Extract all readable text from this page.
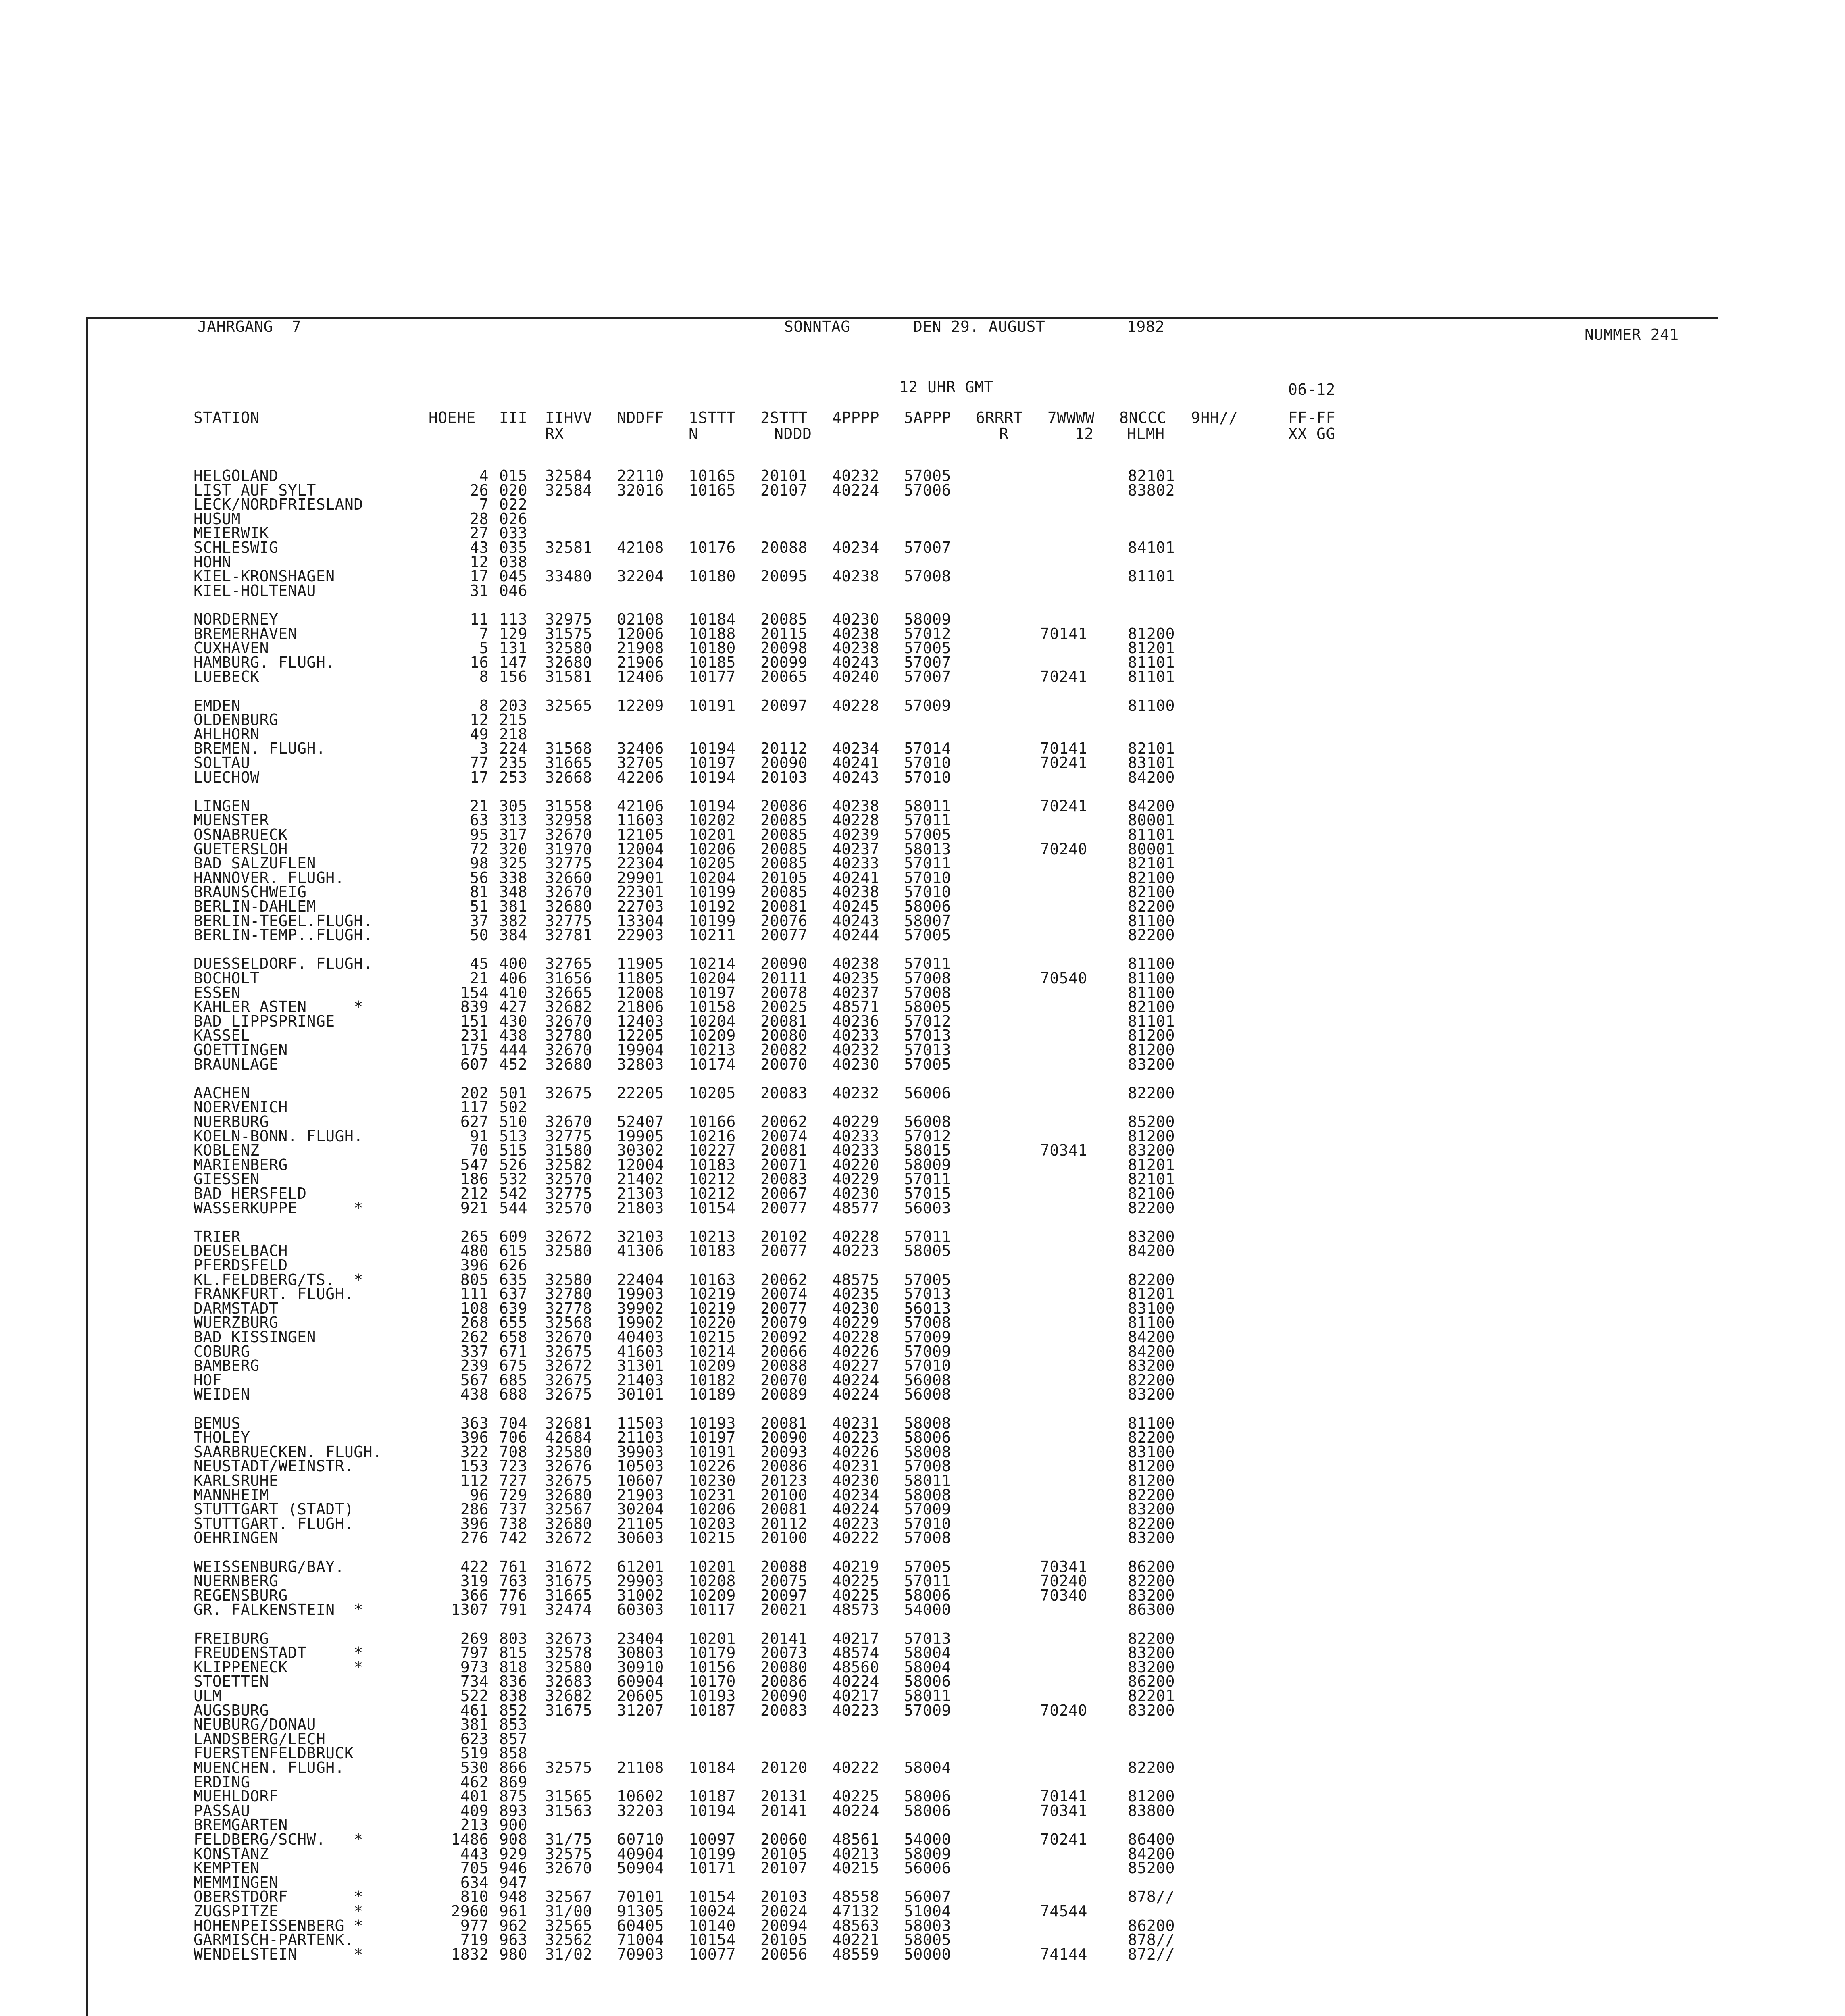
JAHRGANG  7	SONNTAG	DEN 29. AUGUST	1982	NUMMER 241
12 UHR GMT	06-12
STATION	HOEHE III IIHVV NDDFF 1STTT 2STTT 4PPPP 5APPP 6RRRT 7WWWW 8NCCC 9HH//	FF-FF
RX	N	NDDD	R	12 HLMH	XX GG
HELGOLAND	4 015 32584 22110 10165 20101 40232 57005	82101
LIST AUF SYLT	26 020 32584 32016 10165 20107 40224 57006	83802
LECK/NORDFRIESLAND	7 022
HUSUM	28 026
MEIERWIK	27 033
SCHLESWIG	43 035 32581 42108 10176 20088 40234 57007	84101
HOHN	12 038
KIEL-KRONSHAGEN	17 045 33480 32204 10180 20095 40238 57008	81101
KIEL-HOLTENAU	31 046
NORDERNEY	11 113 32975 02108 10184 20085 40230 58009
BREMERHAVEN	7 129 31575 12006 10188 20115 40238 57012	70141	81200
CUXHAVEN	5 131 32580 21908 10180 20098 40238 57005	81201
HAMBURG. FLUGH.	16 147 32680 21906 10185 20099 40243 57007	81101
LUEBECK	8 156 31581 12406 10177 20065 40240 57007	70241	81101
EMDEN	8 203 32565 12209 10191 20097 40228 57009	81100
OLDENBURG	12 215
AHLHORN	49 218
BREMEN. FLUGH.	3 224 31568 32406 10194 20112 40234 57014	70141	82101
SOLTAU	77 235 31665 32705 10197 20090 40241 57010	70241	83101
LUECHOW	17 253 32668 42206 10194 20103 40243 57010	84200
LINGEN	21 305 31558 42106 10194 20086 40238 58011	70241	84200
MUENSTER	63 313 32958 11603 10202 20085 40228 57011	80001
OSNABRUECK	95 317 32670 12105 10201 20085 40239 57005	81101
GUETERSLOH	72 320 31970 12004 10206 20085 40237 58013	70240	80001
BAD SALZUFLEN	98 325 32775 22304 10205 20085 40233 57011	82101
HANNOVER. FLUGH.	56 338 32660 29901 10204 20105 40241 57010	82100
BRAUNSCHWEIG	81 348 32670 22301 10199 20085 40238 57010	82100
BERLIN-DAHLEM	51 381 32680 22703 10192 20081 40245 58006	82200
BERLIN-TEGEL.FLUGH.	37 382 32775 13304 10199 20076 40243 58007	81100
BERLIN-TEMP..FLUGH.	50 384 32781 22903 10211 20077 40244 57005	82200
DUESSELDORF. FLUGH.	45 400 32765 11905 10214 20090 40238 57011	81100
BOCHOLT	21 406 31656 11805 10204 20111 40235 57008	70540	81100
ESSEN	154 410 32665 12008 10197 20078 40237 57008	81100
KAHLER ASTEN     *	839 427 32682 21806 10158 20025 48571 58005	82100
BAD LIPPSPRINGE	151 430 32670 12403 10204 20081 40236 57012	81101
KASSEL	231 438 32780 12205 10209 20080 40233 57013	81200
GOETTINGEN	175 444 32670 19904 10213 20082 40232 57013	81200
BRAUNLAGE	607 452 32680 32803 10174 20070 40230 57005	83200
AACHEN	202 501 32675 22205 10205 20083 40232 56006	82200
NOERVENICH	117 502
NUERBURG	627 510 32670 52407 10166 20062 40229 56008	85200
KOELN-BONN. FLUGH.	91 513 32775 19905 10216 20074 40233 57012	81200
KOBLENZ	70 515 31580 30302 10227 20081 40233 58015	70341	83200
MARIENBERG	547 526 32582 12004 10183 20071 40220 58009	81201
GIESSEN	186 532 32570 21402 10212 20083 40229 57011	82101
BAD HERSFELD	212 542 32775 21303 10212 20067 40230 57015	82100
WASSERKUPPE      *	921 544 32570 21803 10154 20077 48577 56003	82200
TRIER	265 609 32672 32103 10213 20102 40228 57011	83200
DEUSELBACH	480 615 32580 41306 10183 20077 40223 58005	84200
PFERDSFELD	396 626
KL.FELDBERG/TS.  *	805 635 32580 22404 10163 20062 48575 57005	82200
FRANKFURT. FLUGH.	111 637 32780 19903 10219 20074 40235 57013	81201
DARMSTADT	108 639 32778 39902 10219 20077 40230 56013	83100
WUERZBURG	268 655 32568 19902 10220 20079 40229 57008	81100
BAD KISSINGEN	262 658 32670 40403 10215 20092 40228 57009	84200
COBURG	337 671 32675 41603 10214 20066 40226 57009	84200
BAMBERG	239 675 32672 31301 10209 20088 40227 57010	83200
HOF	567 685 32675 21403 10182 20070 40224 56008	82200
WEIDEN	438 688 32675 30101 10189 20089 40224 56008	83200
BEMUS	363 704 32681 11503 10193 20081 40231 58008	81100
THOLEY	396 706 42684 21103 10197 20090 40223 58006	82200
SAARBRUECKEN. FLUGH.	322 708 32580 39903 10191 20093 40226 58008	83100
NEUSTADT/WEINSTR.	153 723 32676 10503 10226 20086 40231 57008	81200
KARLSRUHE	112 727 32675 10607 10230 20123 40230 58011	81200
MANNHEIM	96 729 32680 21903 10231 20100 40234 58008	82200
STUTTGART (STADT)	286 737 32567 30204 10206 20081 40224 57009	83200
STUTTGART. FLUGH.	396 738 32680 21105 10203 20112 40223 57010	82200
OEHRINGEN	276 742 32672 30603 10215 20100 40222 57008	83200
WEISSENBURG/BAY.	422 761 31672 61201 10201 20088 40219 57005	70341	86200
NUERNBERG	319 763 31675 29903 10208 20075 40225 57011	70240	82200
REGENSBURG	366 776 31665 31002 10209 20097 40225 58006	70340	83200
GR. FALKENSTEIN  *	1307 791 32474 60303 10117 20021 48573 54000	86300
FREIBURG	269 803 32673 23404 10201 20141 40217 57013	82200
FREUDENSTADT     *	797 815 32578 30803 10179 20073 48574 58004	83200
KLIPPENECK       *	973 818 32580 30910 10156 20080 48560 58004	83200
STOETTEN	734 836 32683 60904 10170 20086 40224 58006	86200
ULM	522 838 32682 20605 10193 20090 40217 58011	82201
AUGSBURG	461 852 31675 31207 10187 20083 40223 57009	70240	83200
NEUBURG/DONAU	381 853
LANDSBERG/LECH	623 857
FUERSTENFELDBRUCK	519 858
MUENCHEN. FLUGH.	530 866 32575 21108 10184 20120 40222 58004	82200
ERDING	462 869
MUEHLDORF	401 875 31565 10602 10187 20131 40225 58006	70141	81200
PASSAU	409 893 31563 32203 10194 20141 40224 58006	70341	83800
BREMGARTEN	213 900
FELDBERG/SCHW.   *	1486 908 31/75 60710 10097 20060 48561 54000	70241	86400
KONSTANZ	443 929 32575 40904 10199 20105 40213 58009	84200
KEMPTEN	705 946 32670 50904 10171 20107 40215 56006	85200
MEMMINGEN	634 947
OBERSTDORF       *	810 948 32567 70101 10154 20103 48558 56007	878//
ZUGSPITZE        *	2960 961 31/00 91305 10024 20024 47132 51004	74544
HOHENPEISSENBERG *	977 962 32565 60405 10140 20094 48563 58003	86200
GARMISCH-PARTENK.	719 963 32562 71004 10154 20105 40221 58005	878//
WENDELSTEIN      *	1832 980 31/02 70903 10077 20056 48559 50000	74144	872//
